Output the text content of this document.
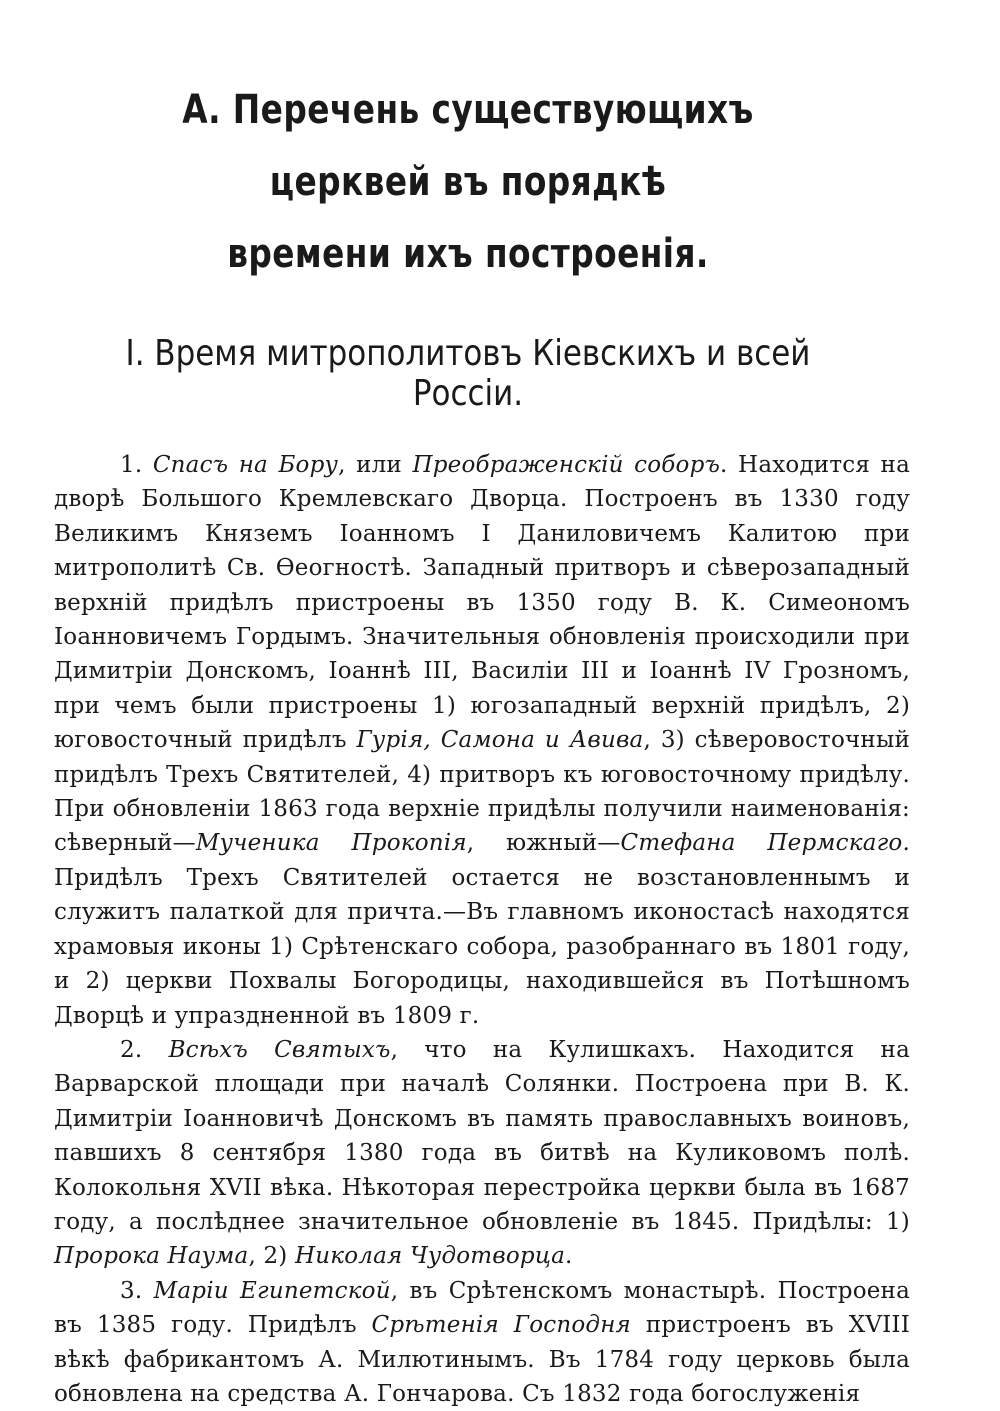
А. Перечень существующихъ церквей въ порядкѣ
времени ихъ построенія.
I. Время митрополитовъ Кіевскихъ и всей Россіи.

1. Спасъ на Бору, или Преображенскій соборъ. Находится на дворѣ Большого Кремлевскаго Дворца. Построенъ въ 1330 году Великимъ Княземъ Іоанномъ I Даниловичемъ Калитою при митрополитѣ Св. Ѳеогностѣ. Западный притворъ и сѣверозападный верхній придѣлъ пристроены въ 1350 году В. К. Симеономъ Іоанновичемъ Гордымъ. Значительныя обновленія происходили при Димитріи Донскомъ, Іоаннѣ III, Василіи III и Іоаннѣ IV Грозномъ, при чемъ были пристроены 1) югозападный верхній придѣлъ, 2) юговосточный придѣлъ Гурія, Самона и Авива, 3) сѣверовосточный придѣлъ Трехъ Святителей, 4) притворъ къ юговосточному придѣлу. При обновленіи 1863 года верхніе придѣлы получили наименованія: сѣверный—Мученика Прокопія, южный—Стефана Пермскаго. Придѣлъ Трехъ Святителей остается не возстановленнымъ и служитъ палаткой для причта.—Въ главномъ иконостасѣ находятся храмовыя иконы 1) Срѣтенскаго собора, разобраннаго въ 1801 году, и 2) церкви Похвалы Богородицы, находившейся въ Потѣшномъ Дворцѣ и упраздненной въ 1809 г.

2. Всѣхъ Святыхъ, что на Кулишкахъ. Находится на Варварской площади при началѣ Солянки. Построена при В. К. Димитріи Іоанновичѣ Донскомъ въ память православныхъ воиновъ, павшихъ 8 сентября 1380 года въ битвѣ на Куликовомъ полѣ. Колокольня XVII вѣка. Нѣкоторая перестройка церкви была въ 1687 году, а послѣднее значительное обновленіе въ 1845. Придѣлы: 1) Пророка Наума, 2) Николая Чудотворца.

3. Маріи Египетской, въ Срѣтенскомъ монастырѣ. Построена въ 1385 году. Придѣлъ Срѣтенія Господня пристроенъ въ XVIII вѣкѣ фабрикантомъ А. Милютинымъ. Въ 1784 году церковь была обновлена на средства А. Гончарова. Съ 1832 года богослуженія
